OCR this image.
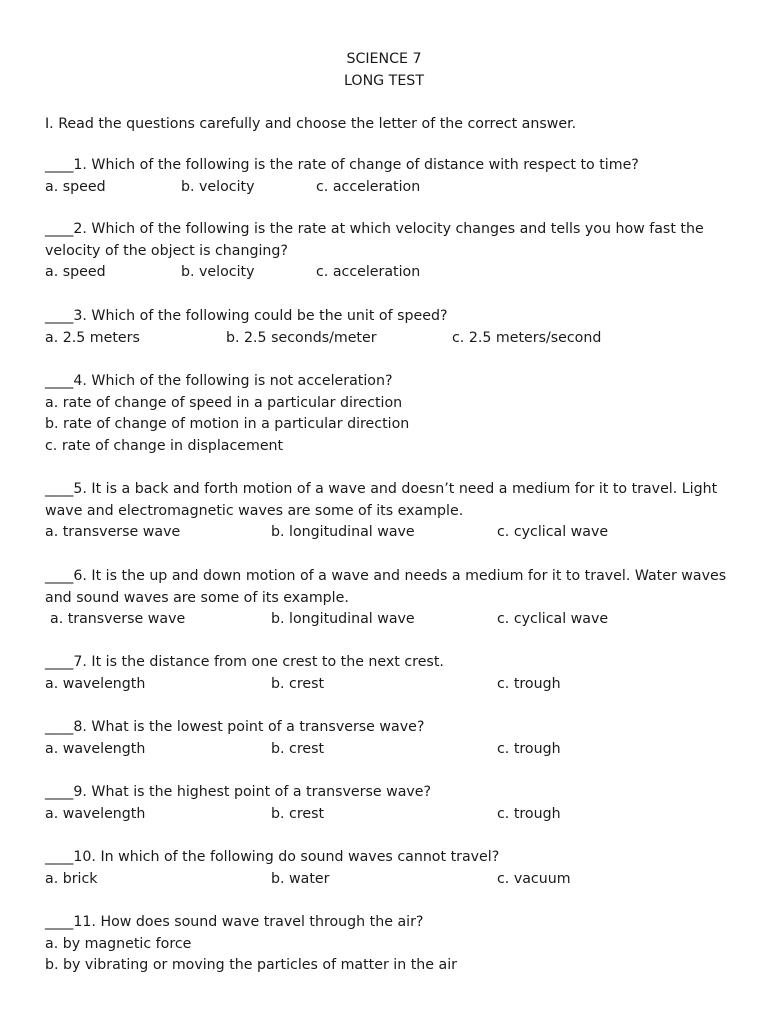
SCIENCE 7
LONG TEST
I. Read the questions carefully and choose the letter of the correct answer.
____1. Which of the following is the rate of change of distance with respect to time?
a. speed	b. velocity	c. acceleration
____2. Which of the following is the rate at which velocity changes and tells you how fast the
velocity of the object is changing?
a. speed	b. velocity	c. acceleration
____3. Which of the following could be the unit of speed?
a. 2.5 meters	b. 2.5 seconds/meter	c. 2.5 meters/second
____4. Which of the following is not acceleration?
a. rate of change of speed in a particular direction
b. rate of change of motion in a particular direction
c. rate of change in displacement
____5. It is a back and forth motion of a wave and doesn’t need a medium for it to travel. Light
wave and electromagnetic waves are some of its example.
a. transverse wave	b. longitudinal wave	c. cyclical wave
____6. It is the up and down motion of a wave and needs a medium for it to travel. Water waves
and sound waves are some of its example.
a. transverse wave	b. longitudinal wave	c. cyclical wave
____7. It is the distance from one crest to the next crest.
a. wavelength	b. crest	c. trough
____8. What is the lowest point of a transverse wave?
a. wavelength	b. crest	c. trough
____9. What is the highest point of a transverse wave?
a. wavelength	b. crest	c. trough
____10. In which of the following do sound waves cannot travel?
a. brick	b. water	c. vacuum
____11. How does sound wave travel through the air?
a. by magnetic force
b. by vibrating or moving the particles of matter in the air
